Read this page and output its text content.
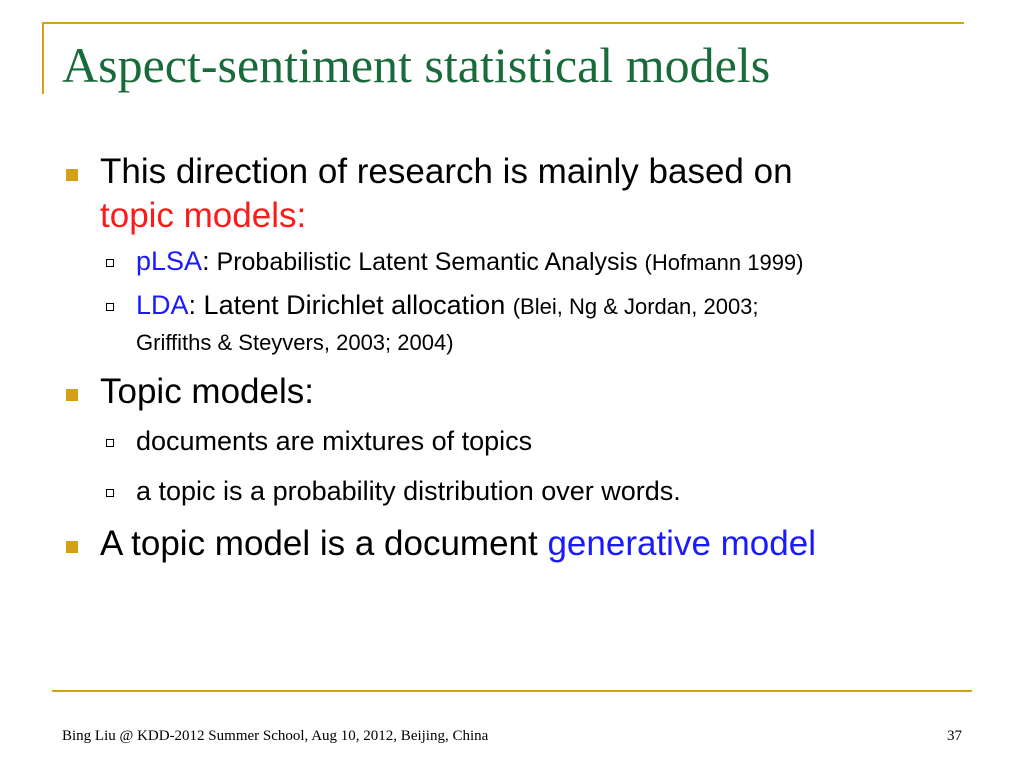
Aspect-sentiment statistical models
This direction of research is mainly based on
topic models:
pLSA: Probabilistic Latent Semantic Analysis (Hofmann 1999)
LDA: Latent Dirichlet allocation (Blei, Ng & Jordan, 2003;
Griffiths & Steyvers, 2003; 2004)
Topic models:
documents are mixtures of topics
a topic is a probability distribution over words.
A topic model is a document generative model
Bing Liu @ KDD-2012 Summer School, Aug 10, 2012, Beijing, China	37
